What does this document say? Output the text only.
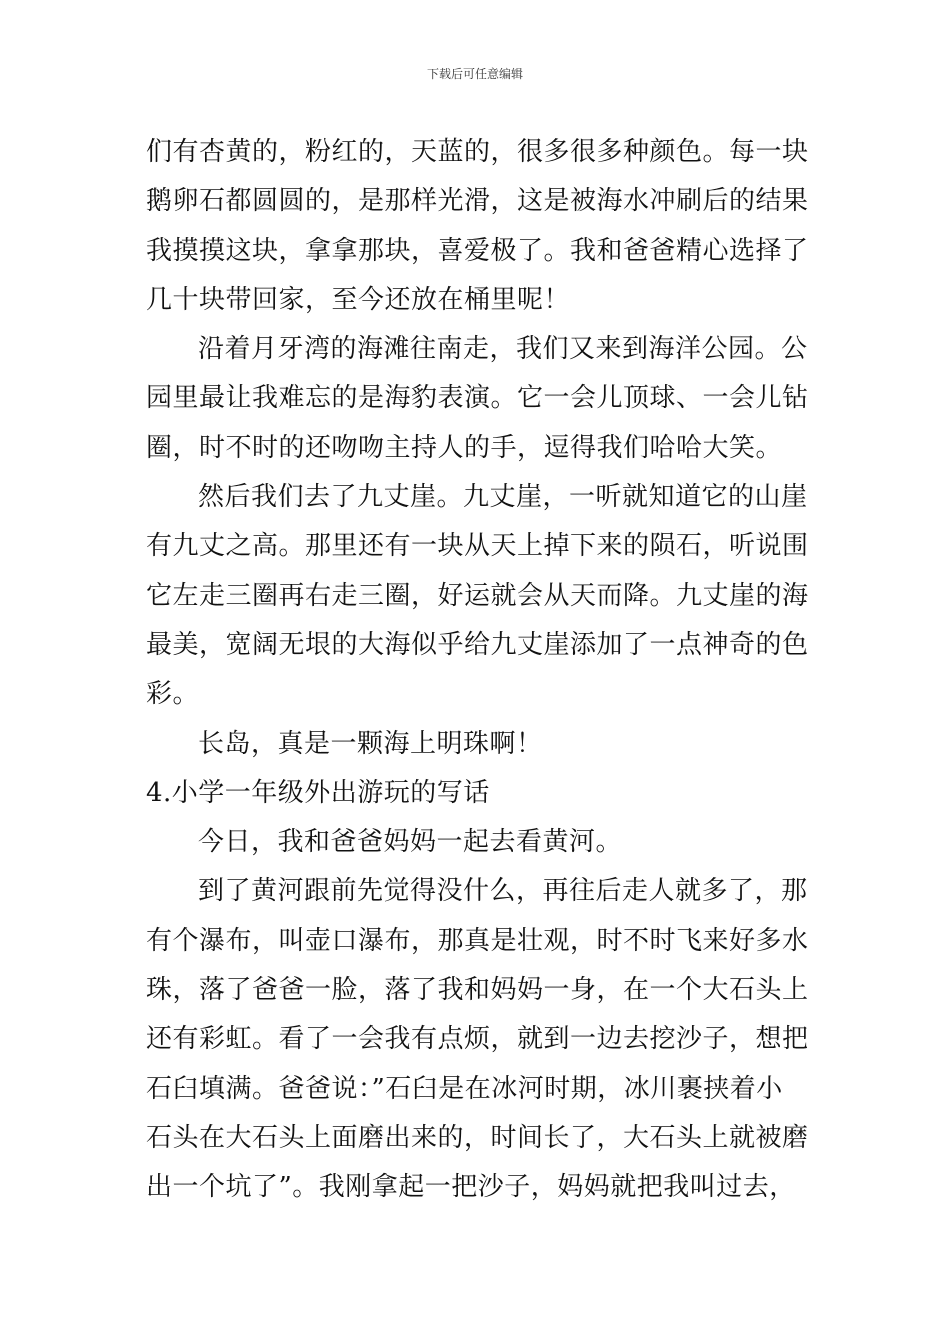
下载后可任意编辑
们有杏黄的，粉红的，天蓝的，很多很多种颜色。每一块
鹅卵石都圆圆的，是那样光滑，这是被海水冲刷后的结果
我摸摸这块，拿拿那块，喜爱极了。我和爸爸精心选择了
几十块带回家，至今还放在桶里呢！
沿着月牙湾的海滩往南走，我们又来到海洋公园。公
园里最让我难忘的是海豹表演。它一会儿顶球、一会儿钻
圈，时不时的还吻吻主持人的手，逗得我们哈哈大笑。
然后我们去了九丈崖。九丈崖，一听就知道它的山崖
有九丈之高。那里还有一块从天上掉下来的陨石，听说围
它左走三圈再右走三圈，好运就会从天而降。九丈崖的海
最美，宽阔无垠的大海似乎给九丈崖添加了一点神奇的色
彩。
长岛，真是一颗海上明珠啊！
4.小学一年级外出游玩的写话
今日，我和爸爸妈妈一起去看黄河。
到了黄河跟前先觉得没什么，再往后走人就多了，那
有个瀑布，叫壶口瀑布，那真是壮观，时不时飞来好多水
珠，落了爸爸一脸，落了我和妈妈一身，在一个大石头上
还有彩虹。看了一会我有点烦，就到一边去挖沙子，想把
石臼填满。爸爸说：”石臼是在冰河时期，冰川裹挟着小
石头在大石头上面磨出来的，时间长了，大石头上就被磨
出一个坑了”。我刚拿起一把沙子，妈妈就把我叫过去，
